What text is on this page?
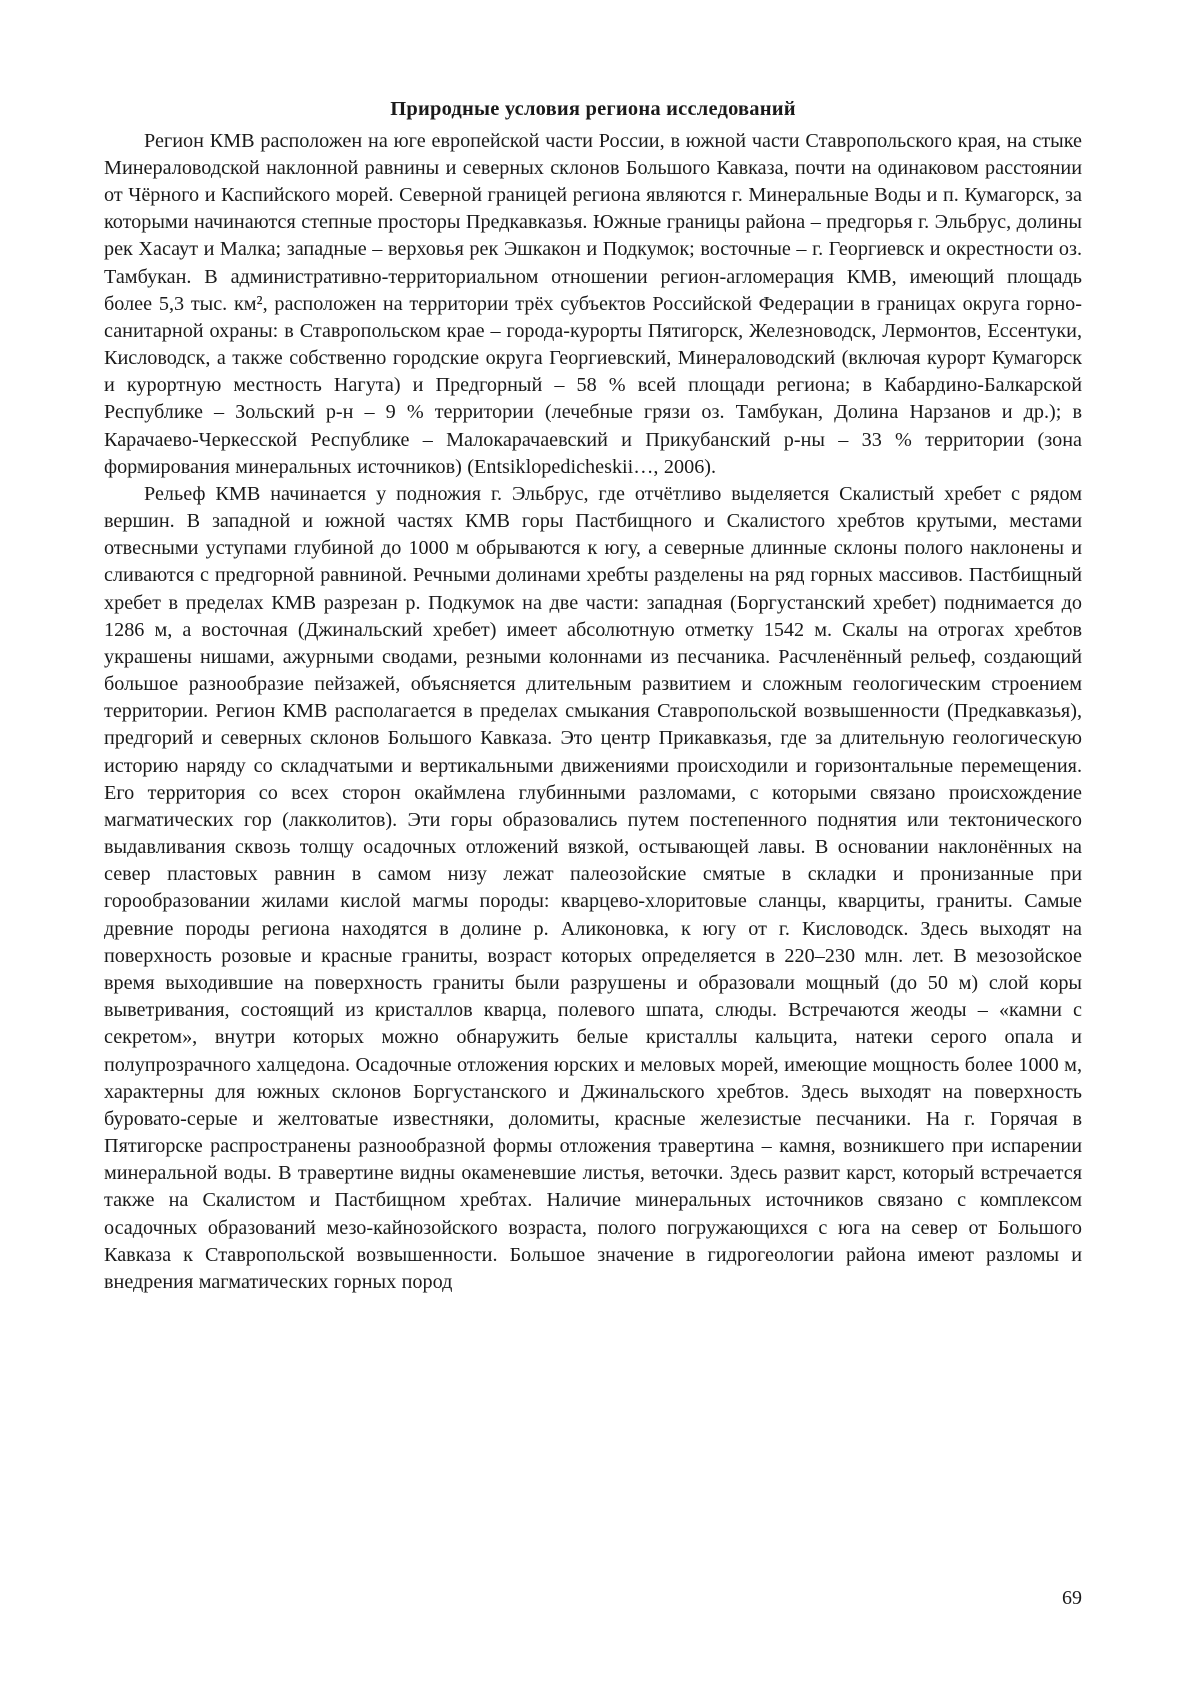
Природные условия региона исследований

Регион КМВ расположен на юге европейской части России, в южной части Ставропольского края, на стыке Минераловодской наклонной равнины и северных склонов Большого Кавказа, почти на одинаковом расстоянии от Чёрного и Каспийского морей. Северной границей региона являются г. Минеральные Воды и п. Кумагорск, за которыми начинаются степные просторы Предкавказья. Южные границы района – предгорья г. Эльбрус, долины рек Хасаут и Малка; западные – верховья рек Эшкакон и Подкумок; восточные – г. Георгиевск и окрестности оз. Тамбукан. В административно-территориальном отношении регион-агломерация КМВ, имеющий площадь более 5,3 тыс. км², расположен на территории трёх субъектов Российской Федерации в границах округа горно-санитарной охраны: в Ставропольском крае – города-курорты Пятигорск, Железноводск, Лермонтов, Ессентуки, Кисловодск, а также собственно городские округа Георгиевский, Минераловодский (включая курорт Кумагорск и курортную местность Нагута) и Предгорный – 58 % всей площади региона; в Кабардино-Балкарской Республике – Зольский р-н – 9 % территории (лечебные грязи оз. Тамбукан, Долина Нарзанов и др.); в Карачаево-Черкесской Республике – Малокарачаевский и Прикубанский р-ны – 33 % территории (зона формирования минеральных источников) (Entsiklopedicheskii…, 2006).

Рельеф КМВ начинается у подножия г. Эльбрус, где отчётливо выделяется Скалистый хребет с рядом вершин. В западной и южной частях КМВ горы Пастбищного и Скалистого хребтов крутыми, местами отвесными уступами глубиной до 1000 м обрываются к югу, а северные длинные склоны полого наклонены и сливаются с предгорной равниной. Речными долинами хребты разделены на ряд горных массивов. Пастбищный хребет в пределах КМВ разрезан р. Подкумок на две части: западная (Боргустанский хребет) поднимается до 1286 м, а восточная (Джинальский хребет) имеет абсолютную отметку 1542 м. Скалы на отрогах хребтов украшены нишами, ажурными сводами, резными колоннами из песчаника. Расчленённый рельеф, создающий большое разнообразие пейзажей, объясняется длительным развитием и сложным геологическим строением территории. Регион КМВ располагается в пределах смыкания Ставропольской возвышенности (Предкавказья), предгорий и северных склонов Большого Кавказа. Это центр Прикавказья, где за длительную геологическую историю наряду со складчатыми и вертикальными движениями происходили и горизонтальные перемещения. Его территория со всех сторон окаймлена глубинными разломами, с которыми связано происхождение магматических гор (лакколитов). Эти горы образовались путем постепенного поднятия или тектонического выдавливания сквозь толщу осадочных отложений вязкой, остывающей лавы. В основании наклонённых на север пластовых равнин в самом низу лежат палеозойские смятые в складки и пронизанные при горообразовании жилами кислой магмы породы: кварцево-хлоритовые сланцы, кварциты, граниты. Самые древние породы региона находятся в долине р. Аликоновка, к югу от г. Кисловодск. Здесь выходят на поверхность розовые и красные граниты, возраст которых определяется в 220–230 млн. лет. В мезозойское время выходившие на поверхность граниты были разрушены и образовали мощный (до 50 м) слой коры выветривания, состоящий из кристаллов кварца, полевого шпата, слюды. Встречаются жеоды – «камни с секретом», внутри которых можно обнаружить белые кристаллы кальцита, натеки серого опала и полупрозрачного халцедона. Осадочные отложения юрских и меловых морей, имеющие мощность более 1000 м, характерны для южных склонов Боргустанского и Джинальского хребтов. Здесь выходят на поверхность буровато-серые и желтоватые известняки, доломиты, красные железистые песчаники. На г. Горячая в Пятигорске распространены разнообразной формы отложения травертина – камня, возникшего при испарении минеральной воды. В травертине видны окаменевшие листья, веточки. Здесь развит карст, который встречается также на Скалистом и Пастбищном хребтах. Наличие минеральных источников связано с комплексом осадочных образований мезо-кайнозойского возраста, полого погружающихся с юга на север от Большого Кавказа к Ставропольской возвышенности. Большое значение в гидрогеологии района имеют разломы и внедрения магматических горных пород

69
